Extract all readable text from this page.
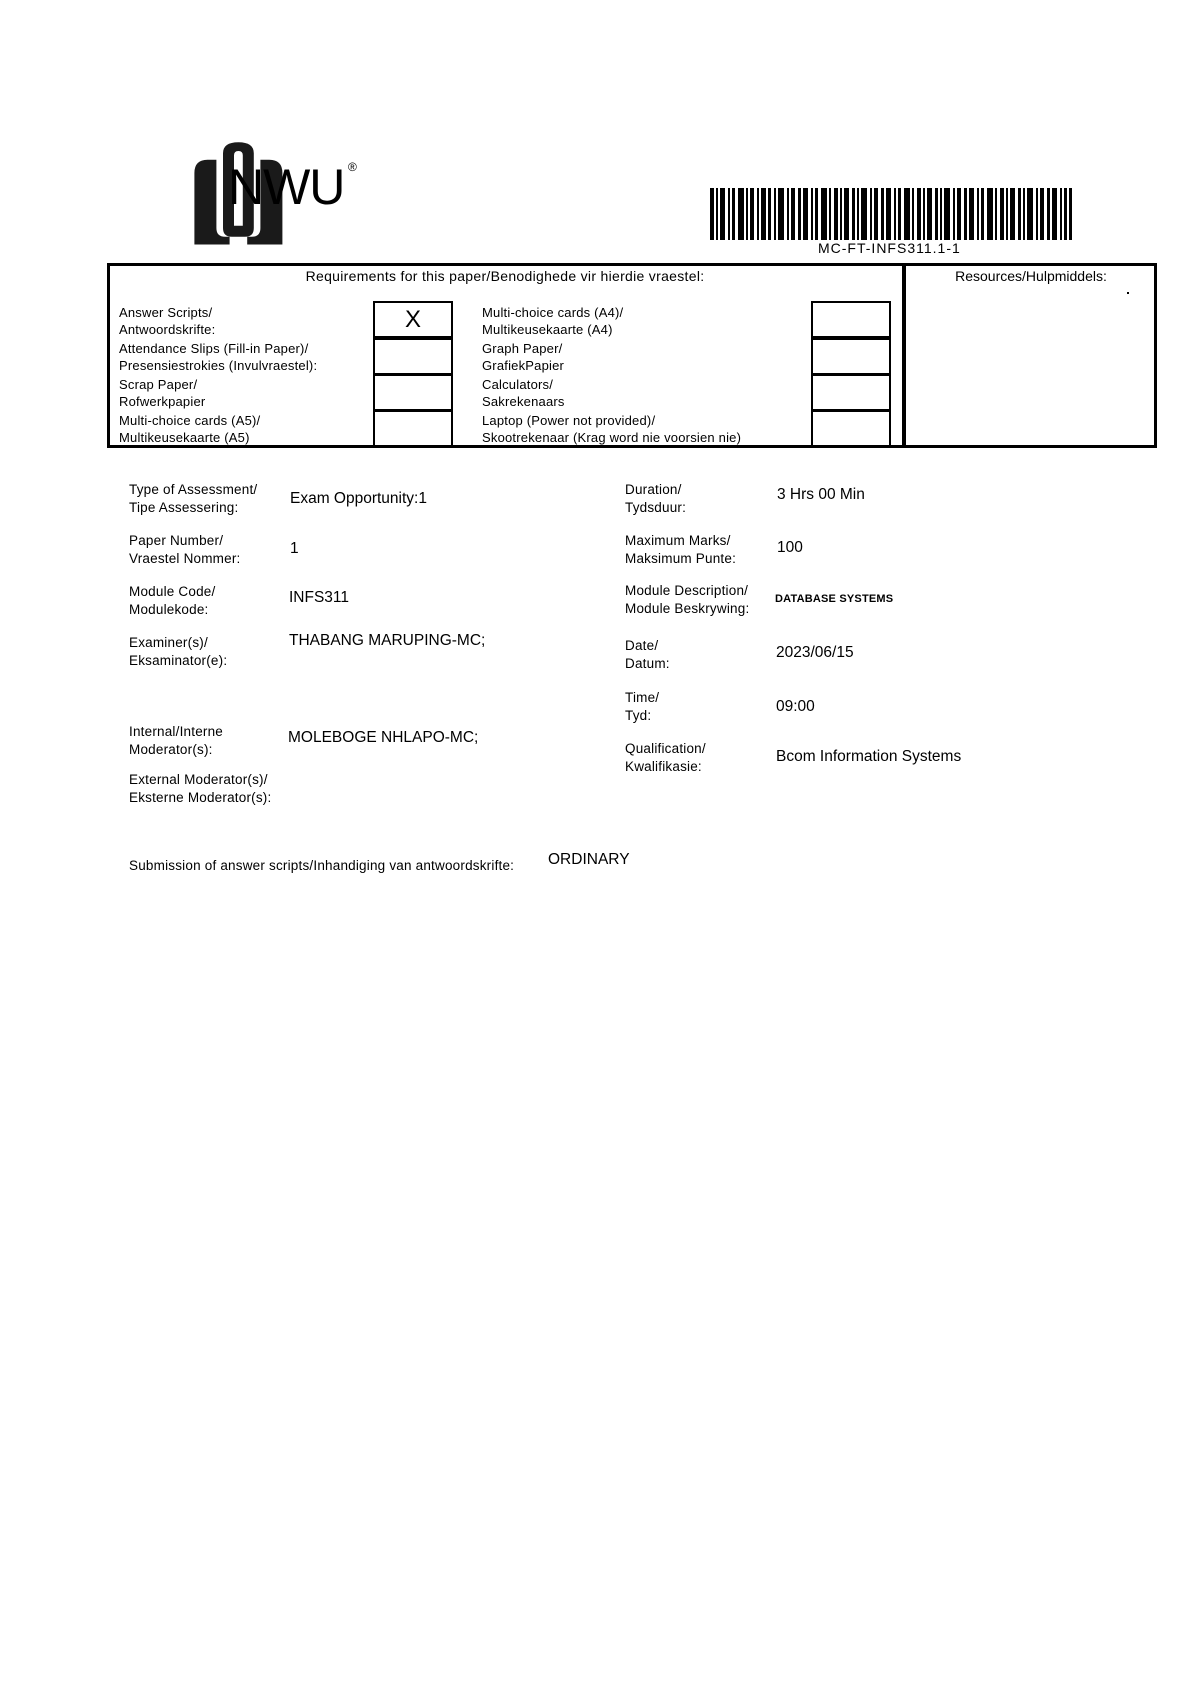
NWU ®
MC-FT-INFS311.1-1
Requirements for this paper/Benodighede vir hierdie vraestel:	Resources/Hulpmiddels:
Answer Scripts/
Antwoordskrifte:	X
Attendance Slips (Fill-in Paper)/
Presensiestrokies (Invulvraestel):
Scrap Paper/
Rofwerkpapier
Multi-choice cards (A5)/
Multikeusekaarte (A5)
Multi-choice cards (A4)/
Multikeusekaarte (A4)
Graph Paper/
GrafiekPapier
Calculators/
Sakrekenaars
Laptop (Power not provided)/
Skootrekenaar (Krag word nie voorsien nie)
Type of Assessment/
Tipe Assessering:
Exam Opportunity:1
Paper Number/
Vraestel Nommer:
1
Module Code/
Modulekode:
INFS311
Examiner(s)/
Eksaminator(e):
THABANG MARUPING-MC;
Internal/Interne
Moderator(s):
MOLEBOGE NHLAPO-MC;
External Moderator(s)/
Eksterne Moderator(s):
Duration/
Tydsduur:
3 Hrs 00 Min
Maximum Marks/
Maksimum Punte:
100
Module Description/
Module Beskrywing:
DATABASE SYSTEMS
Date/
Datum:
2023/06/15
Time/
Tyd:
09:00
Qualification/
Kwalifikasie:
Bcom Information Systems
Submission of answer scripts/Inhandiging van antwoordskrifte: ORDINARY
